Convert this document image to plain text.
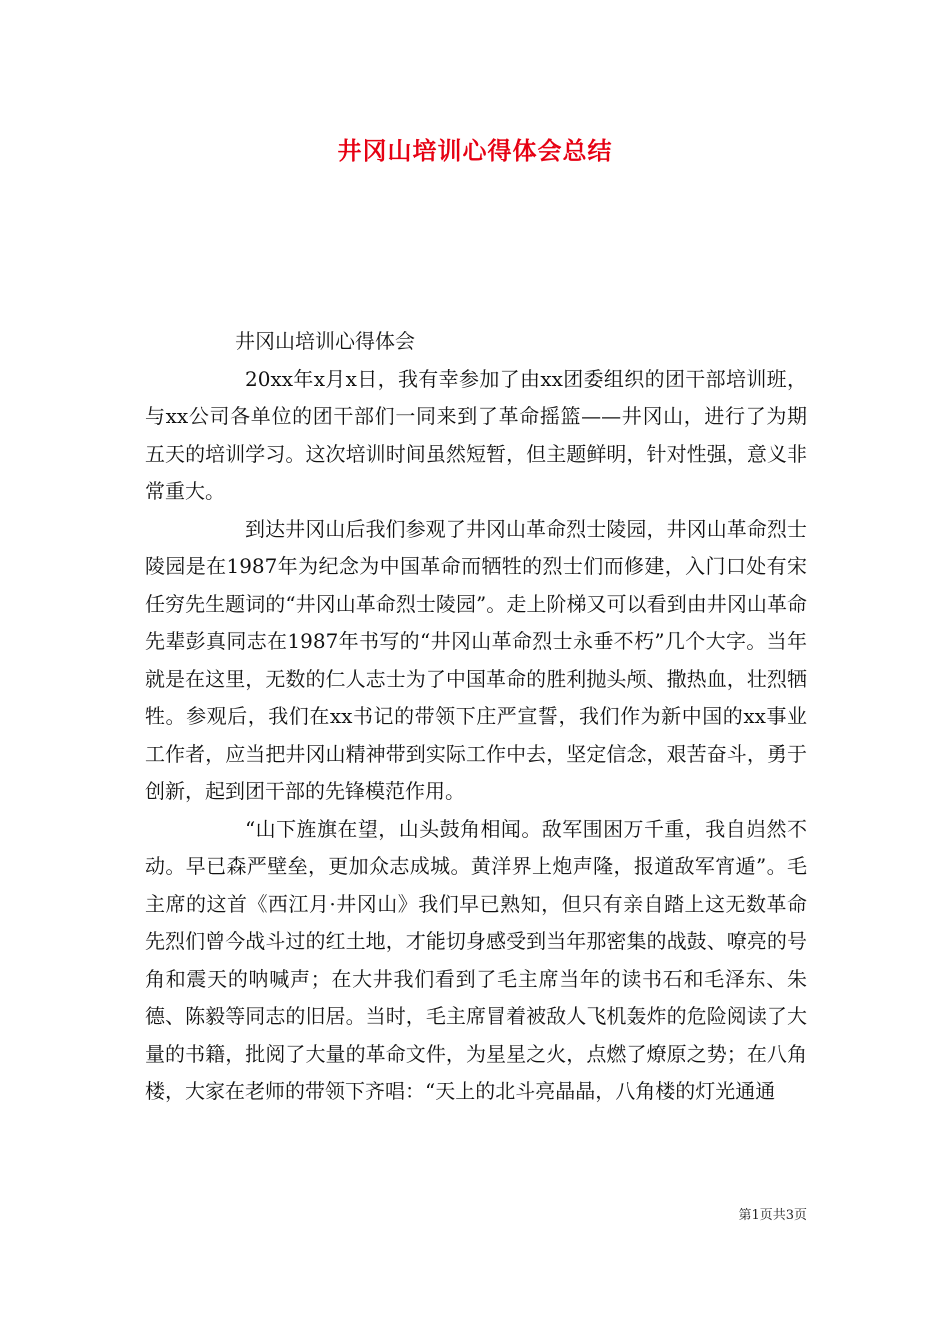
井冈山培训心得体会总结

井冈山培训心得体会

20xx年x月x日，我有幸参加了由xx团委组织的团干部培训班，与xx公司各单位的团干部们一同来到了革命摇篮——井冈山，进行了为期五天的培训学习。这次培训时间虽然短暂，但主题鲜明，针对性强，意义非常重大。

到达井冈山后我们参观了井冈山革命烈士陵园，井冈山革命烈士陵园是在1987年为纪念为中国革命而牺牲的烈士们而修建，入门口处有宋任穷先生题词的“井冈山革命烈士陵园”。走上阶梯又可以看到由井冈山革命先辈彭真同志在1987年书写的“井冈山革命烈士永垂不朽”几个大字。当年就是在这里，无数的仁人志士为了中国革命的胜利抛头颅、撒热血，壮烈牺牲。参观后，我们在xx书记的带领下庄严宣誓，我们作为新中国的xx事业工作者，应当把井冈山精神带到实际工作中去，坚定信念，艰苦奋斗，勇于创新，起到团干部的先锋模范作用。

“山下旌旗在望，山头鼓角相闻。敌军围困万千重，我自岿然不动。早已森严壁垒，更加众志成城。黄洋界上炮声隆，报道敌军宵遁”。毛主席的这首《西江月·井冈山》我们早已熟知，但只有亲自踏上这无数革命先烈们曾今战斗过的红土地，才能切身感受到当年那密集的战鼓、嘹亮的号角和震天的呐喊声；在大井我们看到了毛主席当年的读书石和毛泽东、朱德、陈毅等同志的旧居。当时，毛主席冒着被敌人飞机轰炸的危险阅读了大量的书籍，批阅了大量的革命文件，为星星之火，点燃了燎原之势；在八角楼，大家在老师的带领下齐唱：“天上的北斗亮晶晶，八角楼的灯光通通

第1页共3页
